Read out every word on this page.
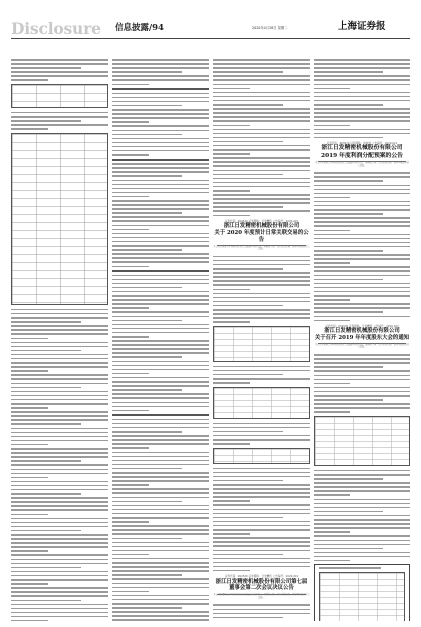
Disclosure 信息披露/94	2020年4月28日 星期二	上海证券报
证券代码：002520 证券简称：日发精机 公告编号：2020-022
浙江日发精密机械股份有限公司
关于 2020 年度预计日常关联交易的公告
本公司及董事会全体成员保证信息披露内容的真实、准确和完整，没有虚假记载、误导性陈述或重大遗漏。
证券代码：002520 证券简称：日发精机 公告编号：2020-019
浙江日发精密机械股份有限公司第七届董事会第二次会议决议公告
本公司及董事会全体成员保证信息披露内容的真实、准确和完整，没有虚假记载、误导性陈述或重大遗漏。
证券代码：603979 证券简称：金诚信 公告编号：2020-021
浙江日发精密机械股份有限公司
2019 年度利润分配预案的公告
本公司及董事会全体成员保证信息披露内容的真实、准确和完整，没有虚假记载、误导性陈述或重大遗漏。
证券代码：002520 证券简称：日发精机 公告编号：2020-027
浙江日发精密机械股份有限公司
关于召开 2019 年年度股东大会的通知
本公司及董事会全体成员保证信息披露内容的真实、准确和完整，没有虚假记载、误导性陈述或重大遗漏。
